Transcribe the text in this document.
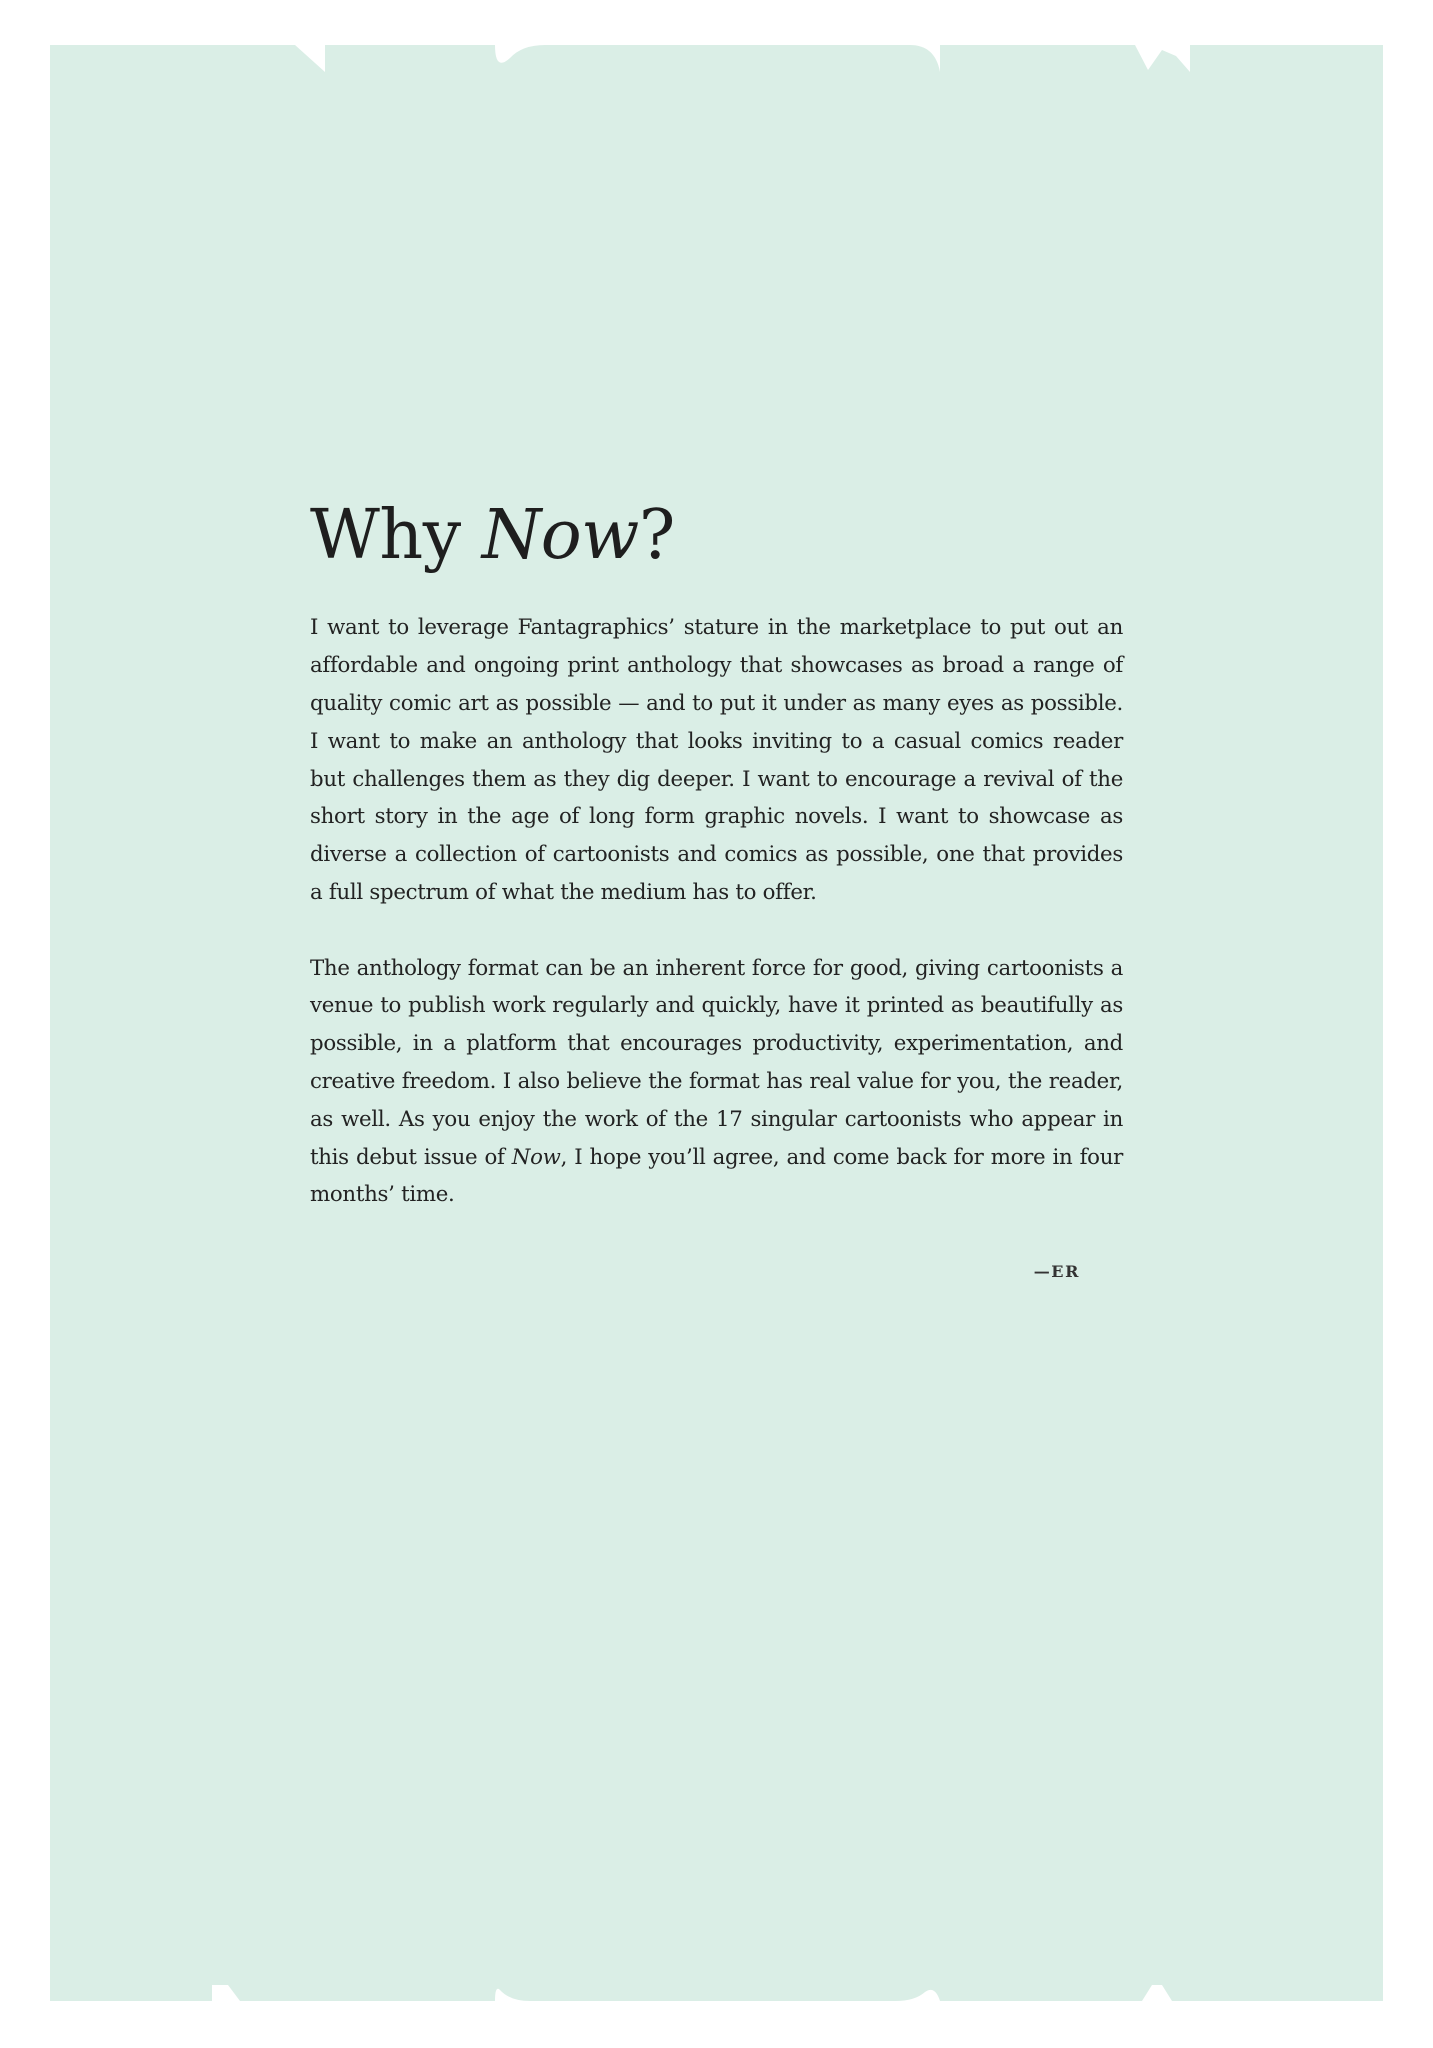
Why Now?

I want to leverage Fantagraphics’ stature in the marketplace to put out an affordable and ongoing print anthology that showcases as broad a range of quality comic art as possible — and to put it under as many eyes as possible. I want to make an anthology that looks inviting to a casual comics reader but challenges them as they dig deeper. I want to encourage a revival of the short story in the age of long form graphic novels. I want to showcase as diverse a collection of cartoonists and comics as possible, one that provides a full spectrum of what the medium has to offer.

The anthology format can be an inherent force for good, giving cartoonists a venue to publish work regularly and quickly, have it printed as beautifully as possible, in a platform that encourages productivity, experimentation, and creative freedom. I also believe the format has real value for you, the reader, as well. As you enjoy the work of the 17 singular cartoonists who appear in this debut issue of Now, I hope you’ll agree, and come back for more in four months’ time.

—ER
